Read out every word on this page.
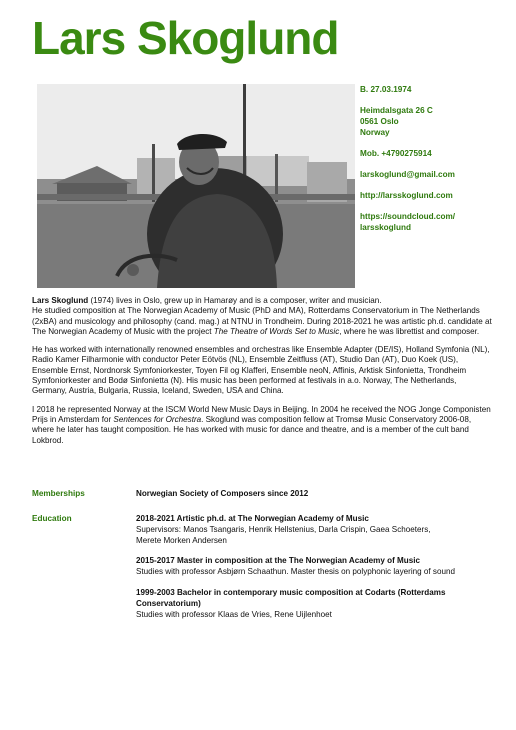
Lars Skoglund
B. 27.03.1974
Heimdalsgata 26 C
0561 Oslo
Norway
Mob. +4790275914
larskoglund@gmail.com
http://larsskoglund.com
https://soundcloud.com/
larsskoglund

Lars Skoglund (1974) lives in Oslo, grew up in Hamarøy and is a composer, writer and musician.

He studied composition at The Norwegian Academy of Music (PhD and MA), Rotterdams Conservatorium in The Netherlands (2xBA) and musicology and philosophy (cand. mag.) at NTNU in Trondheim. During 2018-2021 he was artistic ph.d. candidate at The Norwegian Academy of Music with the project The Theatre of Words Set to Music, where he was librettist and composer.

He has worked with internationally renowned ensembles and orchestras like Ensemble Adapter (DE/IS), Holland Symfonia (NL), Radio Kamer Filharmonie with conductor Peter Eötvös (NL), Ensemble Zeitfluss (AT), Studio Dan (AT), Duo Koek (US), Ensemble Ernst, Nordnorsk Symfoniorkester, Toyen Fil og Klafferi, Ensemble neoN, Affinis, Arktisk Sinfonietta, Trondheim Symfoniorkester and Bodø Sinfonietta (N). His music has been performed at festivals in a.o. Norway, The Netherlands, Germany, Austria, Bulgaria, Russia, Iceland, Sweden, USA and China.

I 2018 he represented Norway at the ISCM World New Music Days in Beijing. In 2004 he received the NOG Jonge Componisten Prijs in Amsterdam for Sentences for Orchestra. Skoglund was composition fellow at Tromsø Music Conservatory 2006-08, where he later has taught composition. He has worked with music for dance and theatre, and is a member of the cult band Lokbrod.

Memberships	Norwegian Society of Composers since 2012
Education	2018-2021 Artistic ph.d. at The Norwegian Academy of Music
Supervisors: Manos Tsangaris, Henrik Hellstenius, Darla Crispin, Gaea Schoeters,
Merete Morken Andersen
2015-2017 Master in composition at the The Norwegian Academy of Music
Studies with professor Asbjørn Schaathun. Master thesis on polyphonic layering of sound
1999-2003 Bachelor in contemporary music composition at Codarts (Rotterdams Conservatorium)
Studies with professor Klaas de Vries, Rene Uijlenhoet
